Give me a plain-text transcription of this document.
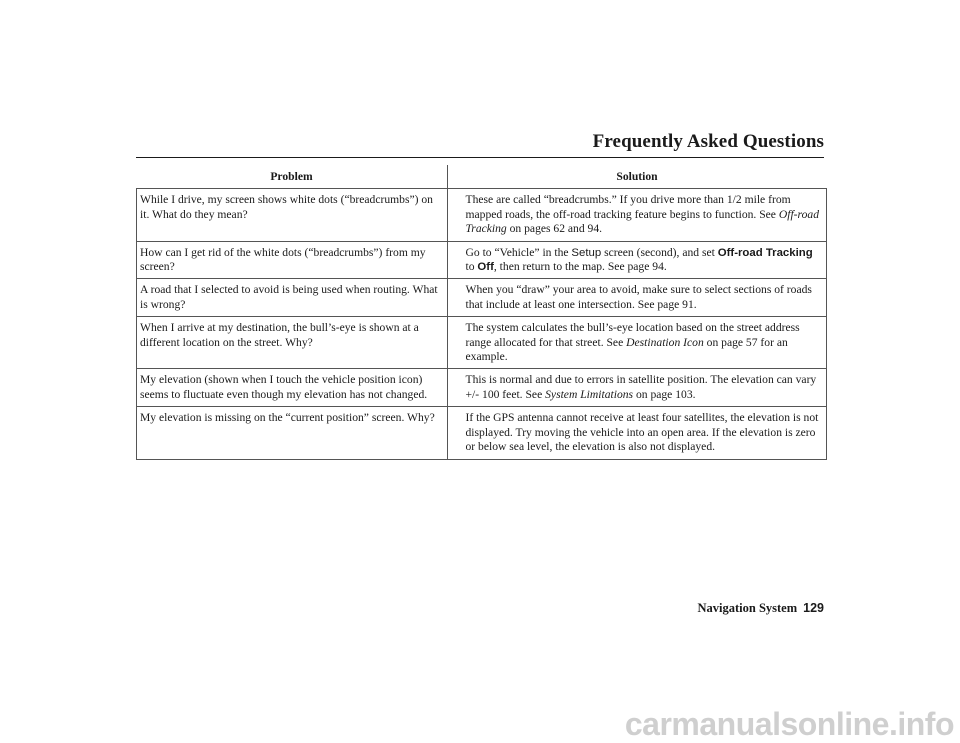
Frequently Asked Questions
Problem	Solution
While I drive, my screen shows white dots (“breadcrumbs”) on it. What do they mean?	These are called “breadcrumbs.” If you drive more than 1/2 mile from mapped roads, the off-road tracking feature begins to function. See Off-road Tracking on pages 62 and 94.
How can I get rid of the white dots (“breadcrumbs”) from my screen?	Go to “Vehicle” in the Setup screen (second), and set Off-road Tracking to Off, then return to the map. See page 94.
A road that I selected to avoid is being used when routing. What is wrong?	When you “draw” your area to avoid, make sure to select sections of roads that include at least one intersection. See page 91.
When I arrive at my destination, the bull’s-eye is shown at a different location on the street. Why?	The system calculates the bull’s-eye location based on the street address range allocated for that street. See Destination Icon on page 57 for an example.
My elevation (shown when I touch the vehicle position icon) seems to fluctuate even though my elevation has not changed.	This is normal and due to errors in satellite position. The elevation can vary +/- 100 feet. See System Limitations on page 103.
My elevation is missing on the “current position” screen. Why?	If the GPS antenna cannot receive at least four satellites, the elevation is not displayed. Try moving the vehicle into an open area. If the elevation is zero or below sea level, the elevation is also not displayed.
Navigation System 129
carmanualsonline.info
